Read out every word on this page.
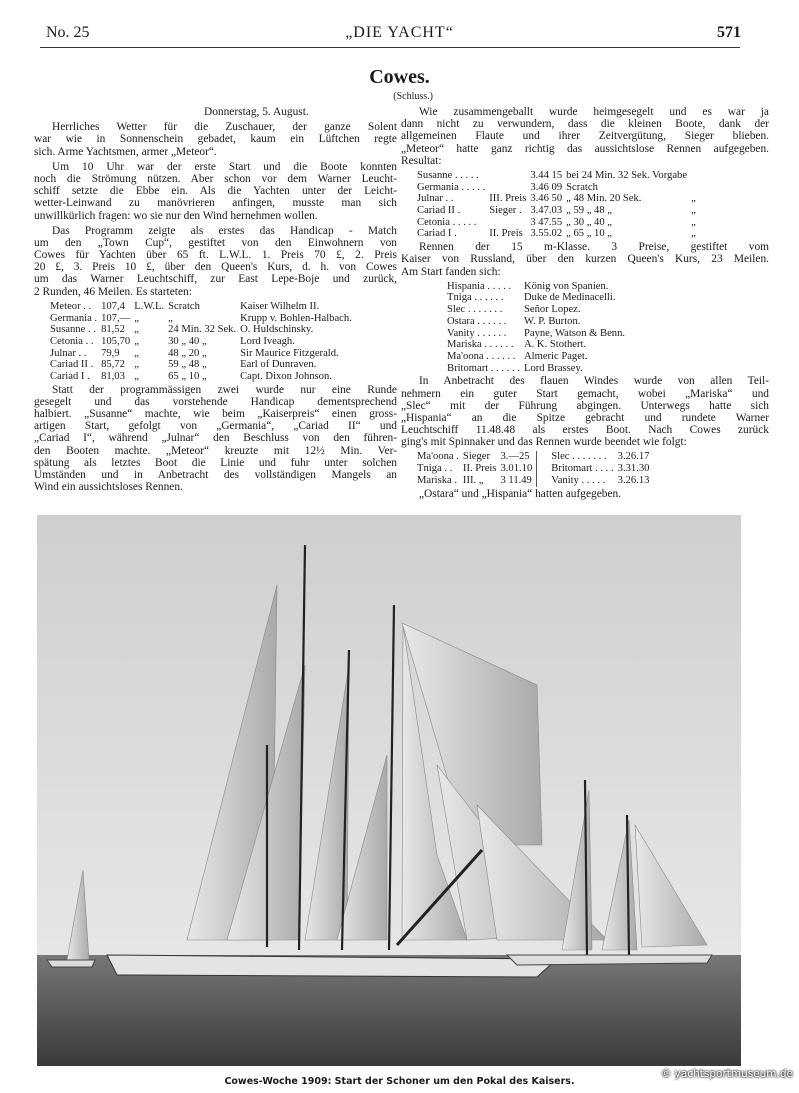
No. 25	„DIE YACHT“	571
Cowes.
(Schluss.)
Donnerstag, 5. August.
Herrliches Wetter für die Zuschauer, der ganze Solent
war wie in Sonnenschein gebadet, kaum ein Lüftchen regte
sich. Arme Yachtsmen, armer „Meteor“.
Um 10 Uhr war der erste Start und die Boote konnten
noch die Strömung nützen. Aber schon vor dem Warner Leucht-
schiff setzte die Ebbe ein. Als die Yachten unter der Leicht-
wetter-Leinwand zu manövrieren anfingen, musste man sich
unwillkürlich fragen: wo sie nur den Wind hernehmen wollen.
Das Programm zeigte als erstes das Handicap - Match
um den „Town Cup“, gestiftet von den Einwohnern von
Cowes für Yachten über 65 ft. L.W.L. 1. Preis 70 £, 2. Preis
20 £, 3. Preis 10 £, über den Queen's Kurs, d. h. von Cowes
um das Warner Leuchtschiff, zur East Lepe-Boje und zurück,
2 Runden, 46 Meilen. Es starteten:
Meteor . .	107,4	L.W.L.	Scratch	Kaiser Wilhelm II.
Germania .	107,—	„	„	Krupp v. Bohlen-Halbach.
Susanne . .	81,52	„	24 Min. 32 Sek.	O. Huldschinsky.
Cetonia . .	105,70	„	30 „ 40 „	Lord Iveagh.
Julnar . .	79,9	„	48 „ 20 „	Sir Maurice Fitzgerald.
Cariad II .	85,72	„	59 „ 48 „	Earl of Dunraven.
Cariad I .	81,03	„	65 „ 10 „	Capt. Dixon Johnson.
Statt der programmässigen zwei wurde nur eine Runde
gesegelt und das vorstehende Handicap dementsprechend
halbiert. „Susanne“ machte, wie beim „Kaiserpreis“ einen gross-
artigen Start, gefolgt von „Germania“, „Cariad II“ und
„Cariad I“, während „Julnar“ den Beschluss von den führen-
den Booten machte. „Meteor“ kreuzte mit 12½ Min. Ver-
spätung als letztes Boot die Linie und fuhr unter solchen
Umständen und in Anbetracht des vollständigen Mangels an
Wind ein aussichtsloses Rennen.
Wie zusammengeballt wurde heimgesegelt und es war ja
dann nicht zu verwundern, dass die kleinen Boote, dank der
allgemeinen Flaute und ihrer Zeitvergütung, Sieger blieben.
„Meteor“ hatte ganz richtig das aussichtslose Rennen aufgegeben.
Resultat:
Susanne . . . . .		3.44 15	bei 24 Min. 32 Sek. Vorgabe	
Germania . . . . .		3.46 09	Scratch	
Julnar . .	III. Preis	3.46 50	„ 48 Min. 20 Sek.	„
Cariad II .	Sieger .	3.47.03	„ 59 „ 48 „	„
Cetonia . . . . .		3 47.55	„ 30 „ 40 „	„
Cariad I .	II. Preis	3.55.02	„ 65 „ 10 „	„
Rennen der 15 m-Klasse. 3 Preise, gestiftet vom
Kaiser von Russland, über den kurzen Queen's Kurs, 23 Meilen.
Am Start fanden sich:
Hispania . . . . .	König von Spanien.
Tniga . . . . . .	Duke de Medinacelli.
Slec . . . . . . .	Señor Lopez.
Ostara . . . . . .	W. P. Burton.
Vanity . . . . . .	Payne, Watson & Benn.
Mariska . . . . . .	A. K. Stothert.
Ma'oona . . . . . .	Almeric Paget.
Britomart . . . . . .	Lord Brassey.
In Anbetracht des flauen Windes wurde von allen Teil-
nehmern ein guter Start gemacht, wobei „Mariska“ und
„Slec“ mit der Führung abgingen. Unterwegs hatte sich
„Hispania“ an die Spitze gebracht und rundete Warner
Leuchtschiff 11.48.48 als erstes Boot. Nach Cowes zurück
ging's mit Spinnaker und das Rennen wurde beendet wie folgt:
Ma'oona .	Sieger	3.—25	Slec . . . . . . .	3.26.17
Tniga . .	II. Preis	3.01.10	Britomart . . . .	3.31.30
Mariska .	III. „	3 11.49	Vanity . . . . .	3.26.13
„Ostara“ und „Hispania“ hatten aufgegeben.
Cowes-Woche 1909: Start der Schoner um den Pokal des Kaisers.
© yachtsportmuseum.de
